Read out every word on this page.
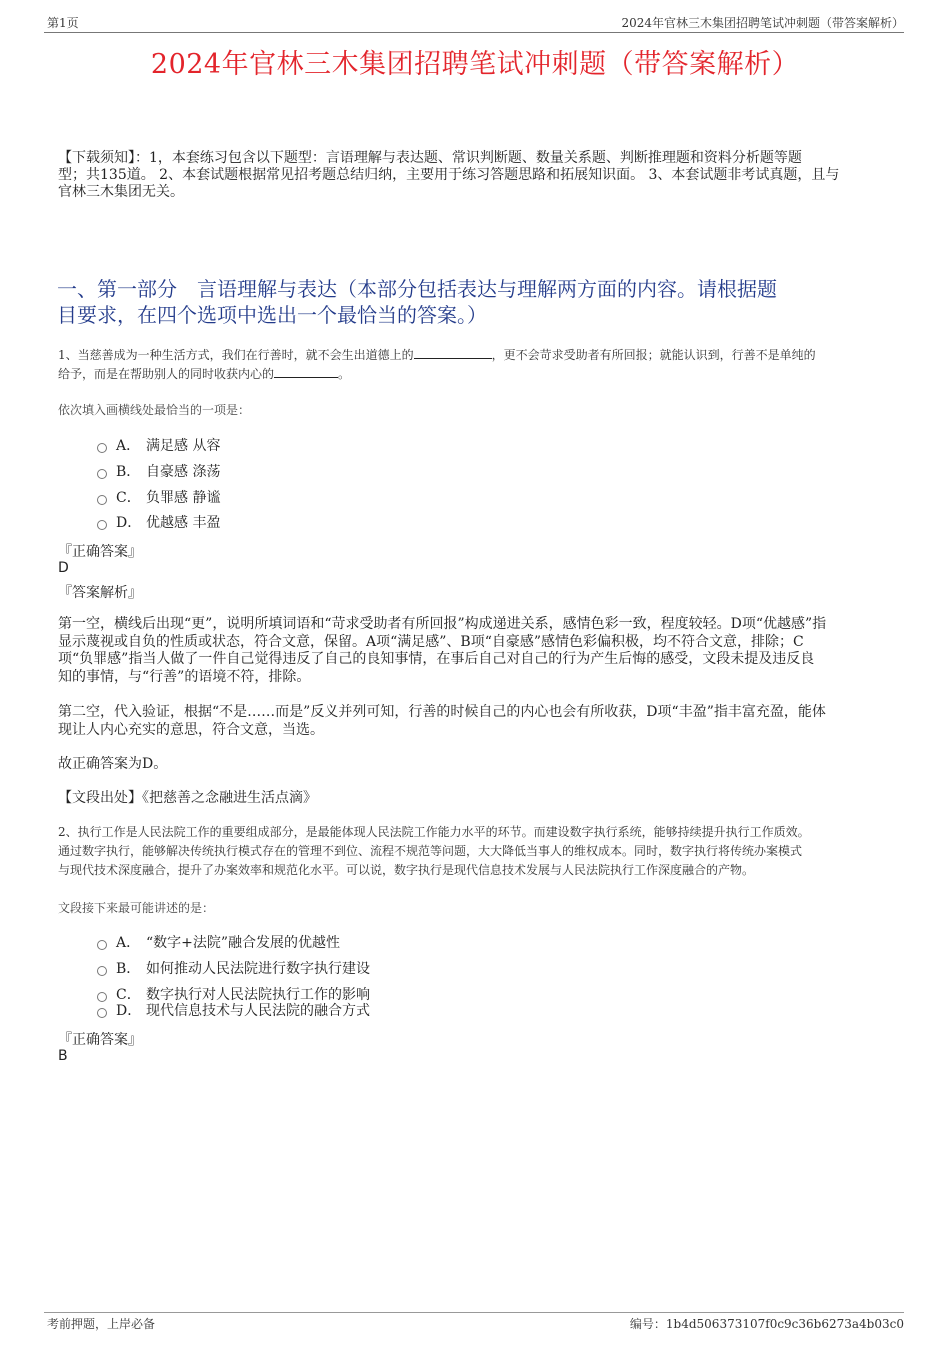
第1页	2024年官林三木集团招聘笔试冲刺题（带答案解析）
2024年官林三木集团招聘笔试冲刺题（带答案解析）
【下载须知】：1，本套练习包含以下题型：言语理解与表达题、常识判断题、数量关系题、判断推理题和资料分析题等题
型；共135道。 2、本套试题根据常见招考题总结归纳，主要用于练习答题思路和拓展知识面。 3、本套试题非考试真题，且与
官林三木集团无关。
一、第一部分　言语理解与表达（本部分包括表达与理解两方面的内容。请根据题
目要求，在四个选项中选出一个最恰当的答案。）
1、当慈善成为一种生活方式，我们在行善时，就不会生出道德上的	，更不会苛求受助者有所回报；就能认识到，行善不是单纯的
给予，而是在帮助别人的同时收获内心的	。
依次填入画横线处最恰当的一项是：
A． 满足感 从容
B． 自豪感 涤荡
C． 负罪感 静谧
D． 优越感 丰盈
『正确答案』
D
『答案解析』
第一空，横线后出现“更”，说明所填词语和“苛求受助者有所回报”构成递进关系，感情色彩一致，程度较轻。D项“优越感”指
显示蔑视或自负的性质或状态，符合文意，保留。A项“满足感”、B项“自豪感”感情色彩偏积极，均不符合文意，排除；C
项“负罪感”指当人做了一件自己觉得违反了自己的良知事情，在事后自己对自己的行为产生后悔的感受，文段未提及违反良
知的事情，与“行善”的语境不符，排除。
第二空，代入验证，根据“不是……而是”反义并列可知，行善的时候自己的内心也会有所收获，D项“丰盈”指丰富充盈，能体
现让人内心充实的意思，符合文意，当选。
故正确答案为D。
【文段出处】《把慈善之念融进生活点滴》
2、执行工作是人民法院工作的重要组成部分，是最能体现人民法院工作能力水平的环节。而建设数字执行系统，能够持续提升执行工作质效。
通过数字执行，能够解决传统执行模式存在的管理不到位、流程不规范等问题，大大降低当事人的维权成本。同时，数字执行将传统办案模式
与现代技术深度融合，提升了办案效率和规范化水平。可以说，数字执行是现代信息技术发展与人民法院执行工作深度融合的产物。
文段接下来最可能讲述的是：
A． “数字+法院”融合发展的优越性
B． 如何推动人民法院进行数字执行建设
C． 数字执行对人民法院执行工作的影响
D． 现代信息技术与人民法院的融合方式
『正确答案』
B
考前押题，上岸必备	编号：1b4d506373107f0c9c36b6273a4b03c0
